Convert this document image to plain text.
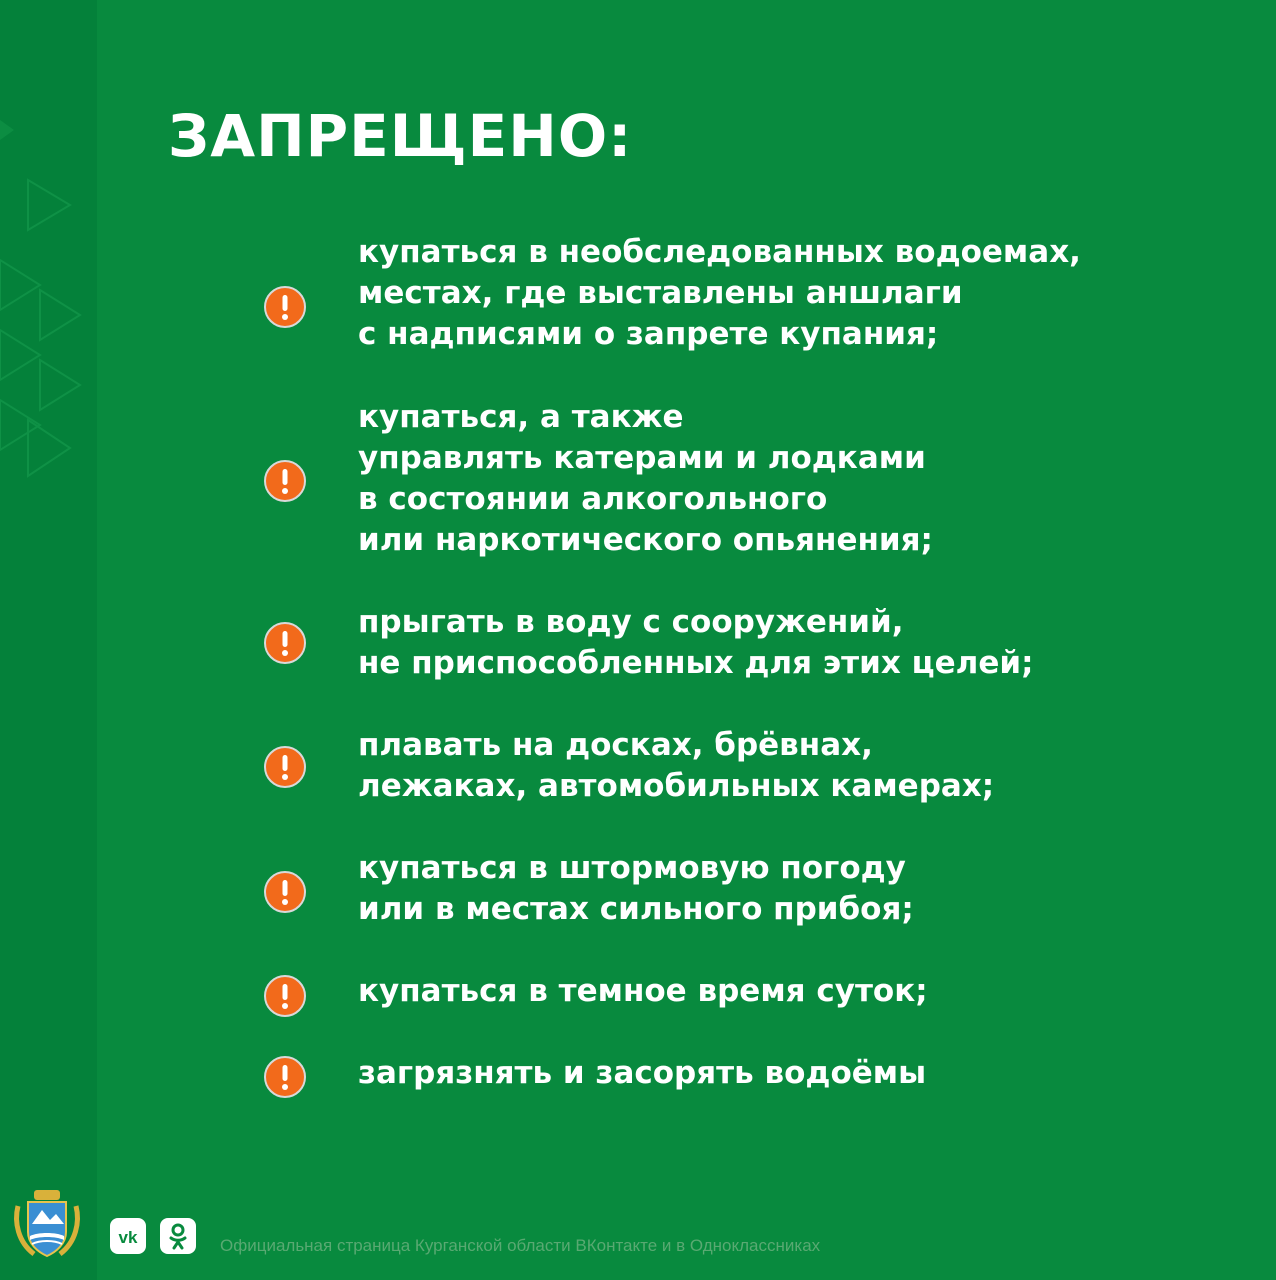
ЗАПРЕЩЕНО:
купаться в необследованных водоемах,
местах, где выставлены аншлаги
с надписями о запрете купания;
купаться, а также
управлять катерами и лодками
в состоянии алкогольного
или наркотического опьянения;
прыгать в воду с сооружений,
не приспособленных для этих целей;
плавать на досках, брёвнах,
лежаках, автомобильных камерах;
купаться в штормовую погоду
или в местах сильного прибоя;
купаться в темное время суток;
загрязнять и засорять водоёмы
vk	Официальная страница Курганской области ВКонтакте и в Одноклассниках
